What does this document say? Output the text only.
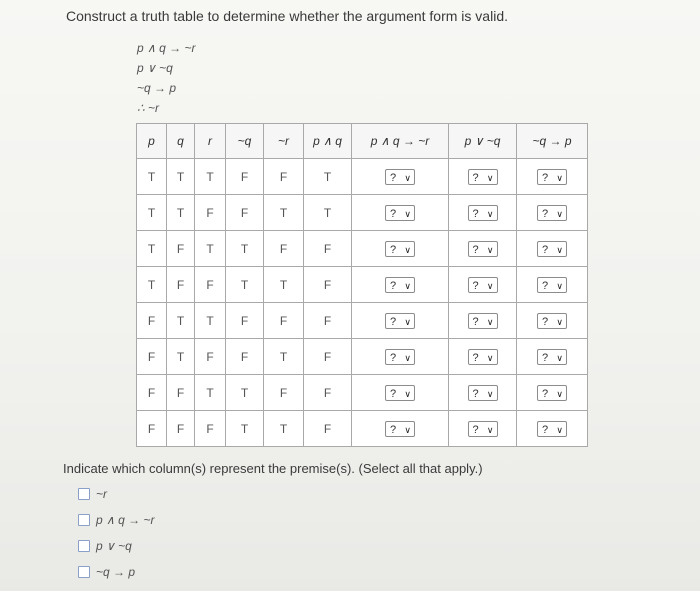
Construct a truth table to determine whether the argument form is valid.
p ∧ q → ~r
p ∨ ~q
~q → p
∴ ~r
p	q	r	~q	~r	p ∧ q	p ∧ q → ~r	p ∨ ~q	~q → p
T	T	T	F	F	T	? ∨	? ∨	? ∨

T	T	F	F	T	T	? ∨	? ∨	? ∨

T	F	T	T	F	F	? ∨	? ∨	? ∨

T	F	F	T	T	F	? ∨	? ∨	? ∨

F	T	T	F	F	F	? ∨	? ∨	? ∨

F	T	F	F	T	F	? ∨	? ∨	? ∨

F	F	T	T	F	F	? ∨	? ∨	? ∨

F	F	F	T	T	F	? ∨	? ∨	? ∨
Indicate which column(s) represent the premise(s). (Select all that apply.)
~r
p ∧ q → ~r
p ∨ ~q
~q → p
